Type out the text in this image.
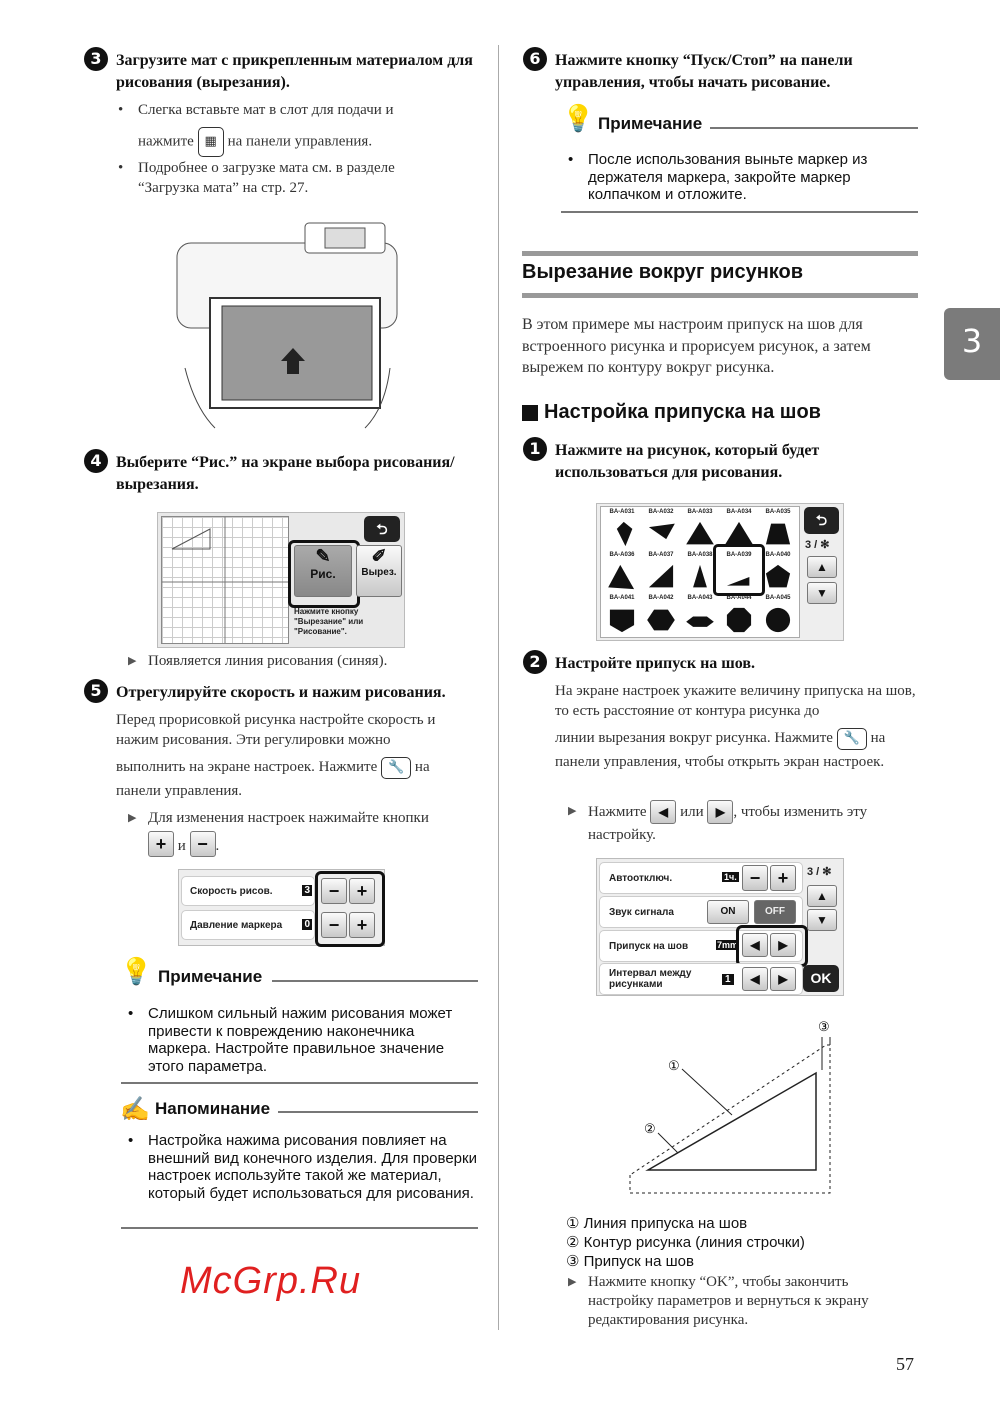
3 Загрузите мат с прикрепленным материалом для рисования (вырезания).
• Слегка вставьте мат в слот для подачи и
нажмите ▦ на панели управления.
• Подробнее о загрузке мата см. в разделе “Загрузка мата” на стр. 27.
4 Выберите “Рис.” на экране выбора рисования/вырезания.
⮌
✎
Рис.
✐
Вырез.
Нажмите кнопку "Вырезание" или "Рисование".
▶ Появляется линия рисования (синяя).
5 Отрегулируйте скорость и нажим рисования.
Перед прорисовкой рисунка настройте скорость и нажим рисования. Эти регулировки можно
выполнить на экране настроек. Нажмите 🔧 на панели управления.
▶ Для изменения настроек нажимайте кнопки
+ и − .
Скорость рисов.	3
Давление маркера 0
− +
− +
💡 Примечание
• Слишком сильный нажим рисования может привести к повреждению наконечника маркера. Настройте правильное значение этого параметра.
✍ Напоминание
• Настройка нажима рисования повлияет на внешний вид конечного изделия. Для проверки настроек используйте такой же материал, который будет использоваться для рисования.
6 Нажмите кнопку “Пуск/Стоп” на панели управления, чтобы начать рисование.
💡 Примечание
• После использования выньте маркер из держателя маркера, закройте маркер колпачком и отложите.
Вырезание вокруг рисунков
В этом примере мы настроим припуск на шов для встроенного рисунка и прорисуем рисунок, а затем вырежем по контуру вокруг рисунка.
Настройка припуска на шов
1 Нажмите на рисунок, который будет использоваться для рисования.
BA-A031	BA-A032	BA-A033	BA-A034	BA-A035
BA-A036	BA-A037	BA-A038	BA-A039	BA-A040
BA-A041	BA-A042	BA-A043	BA-A044	BA-A045
⮌
3 / ✻
▲
▼
2 Настройте припуск на шов.
На экране настроек укажите величину припуска на шов, то есть расстояние от контура рисунка до
линии вырезания вокруг рисунка. Нажмите 🔧 на панели управления, чтобы открыть экран настроек.
▶ Нажмите ◀ или ▶ , чтобы изменить эту настройку.
Автоотключ.	1ч. − +
Звук сигнала	ON	OFF
Припуск на шов	7mm	◀	▶
Интервал между рисунками	1	◀	▶
3 / ✻
▲
▼
OK
①
②
③
① Линия припуска на шов
② Контур рисунка (линия строчки)
③ Припуск на шов
▶ Нажмите кнопку “OK”, чтобы закончить настройку параметров и вернуться к экрану редактирования рисунка.
3
57
McGrp.Ru
